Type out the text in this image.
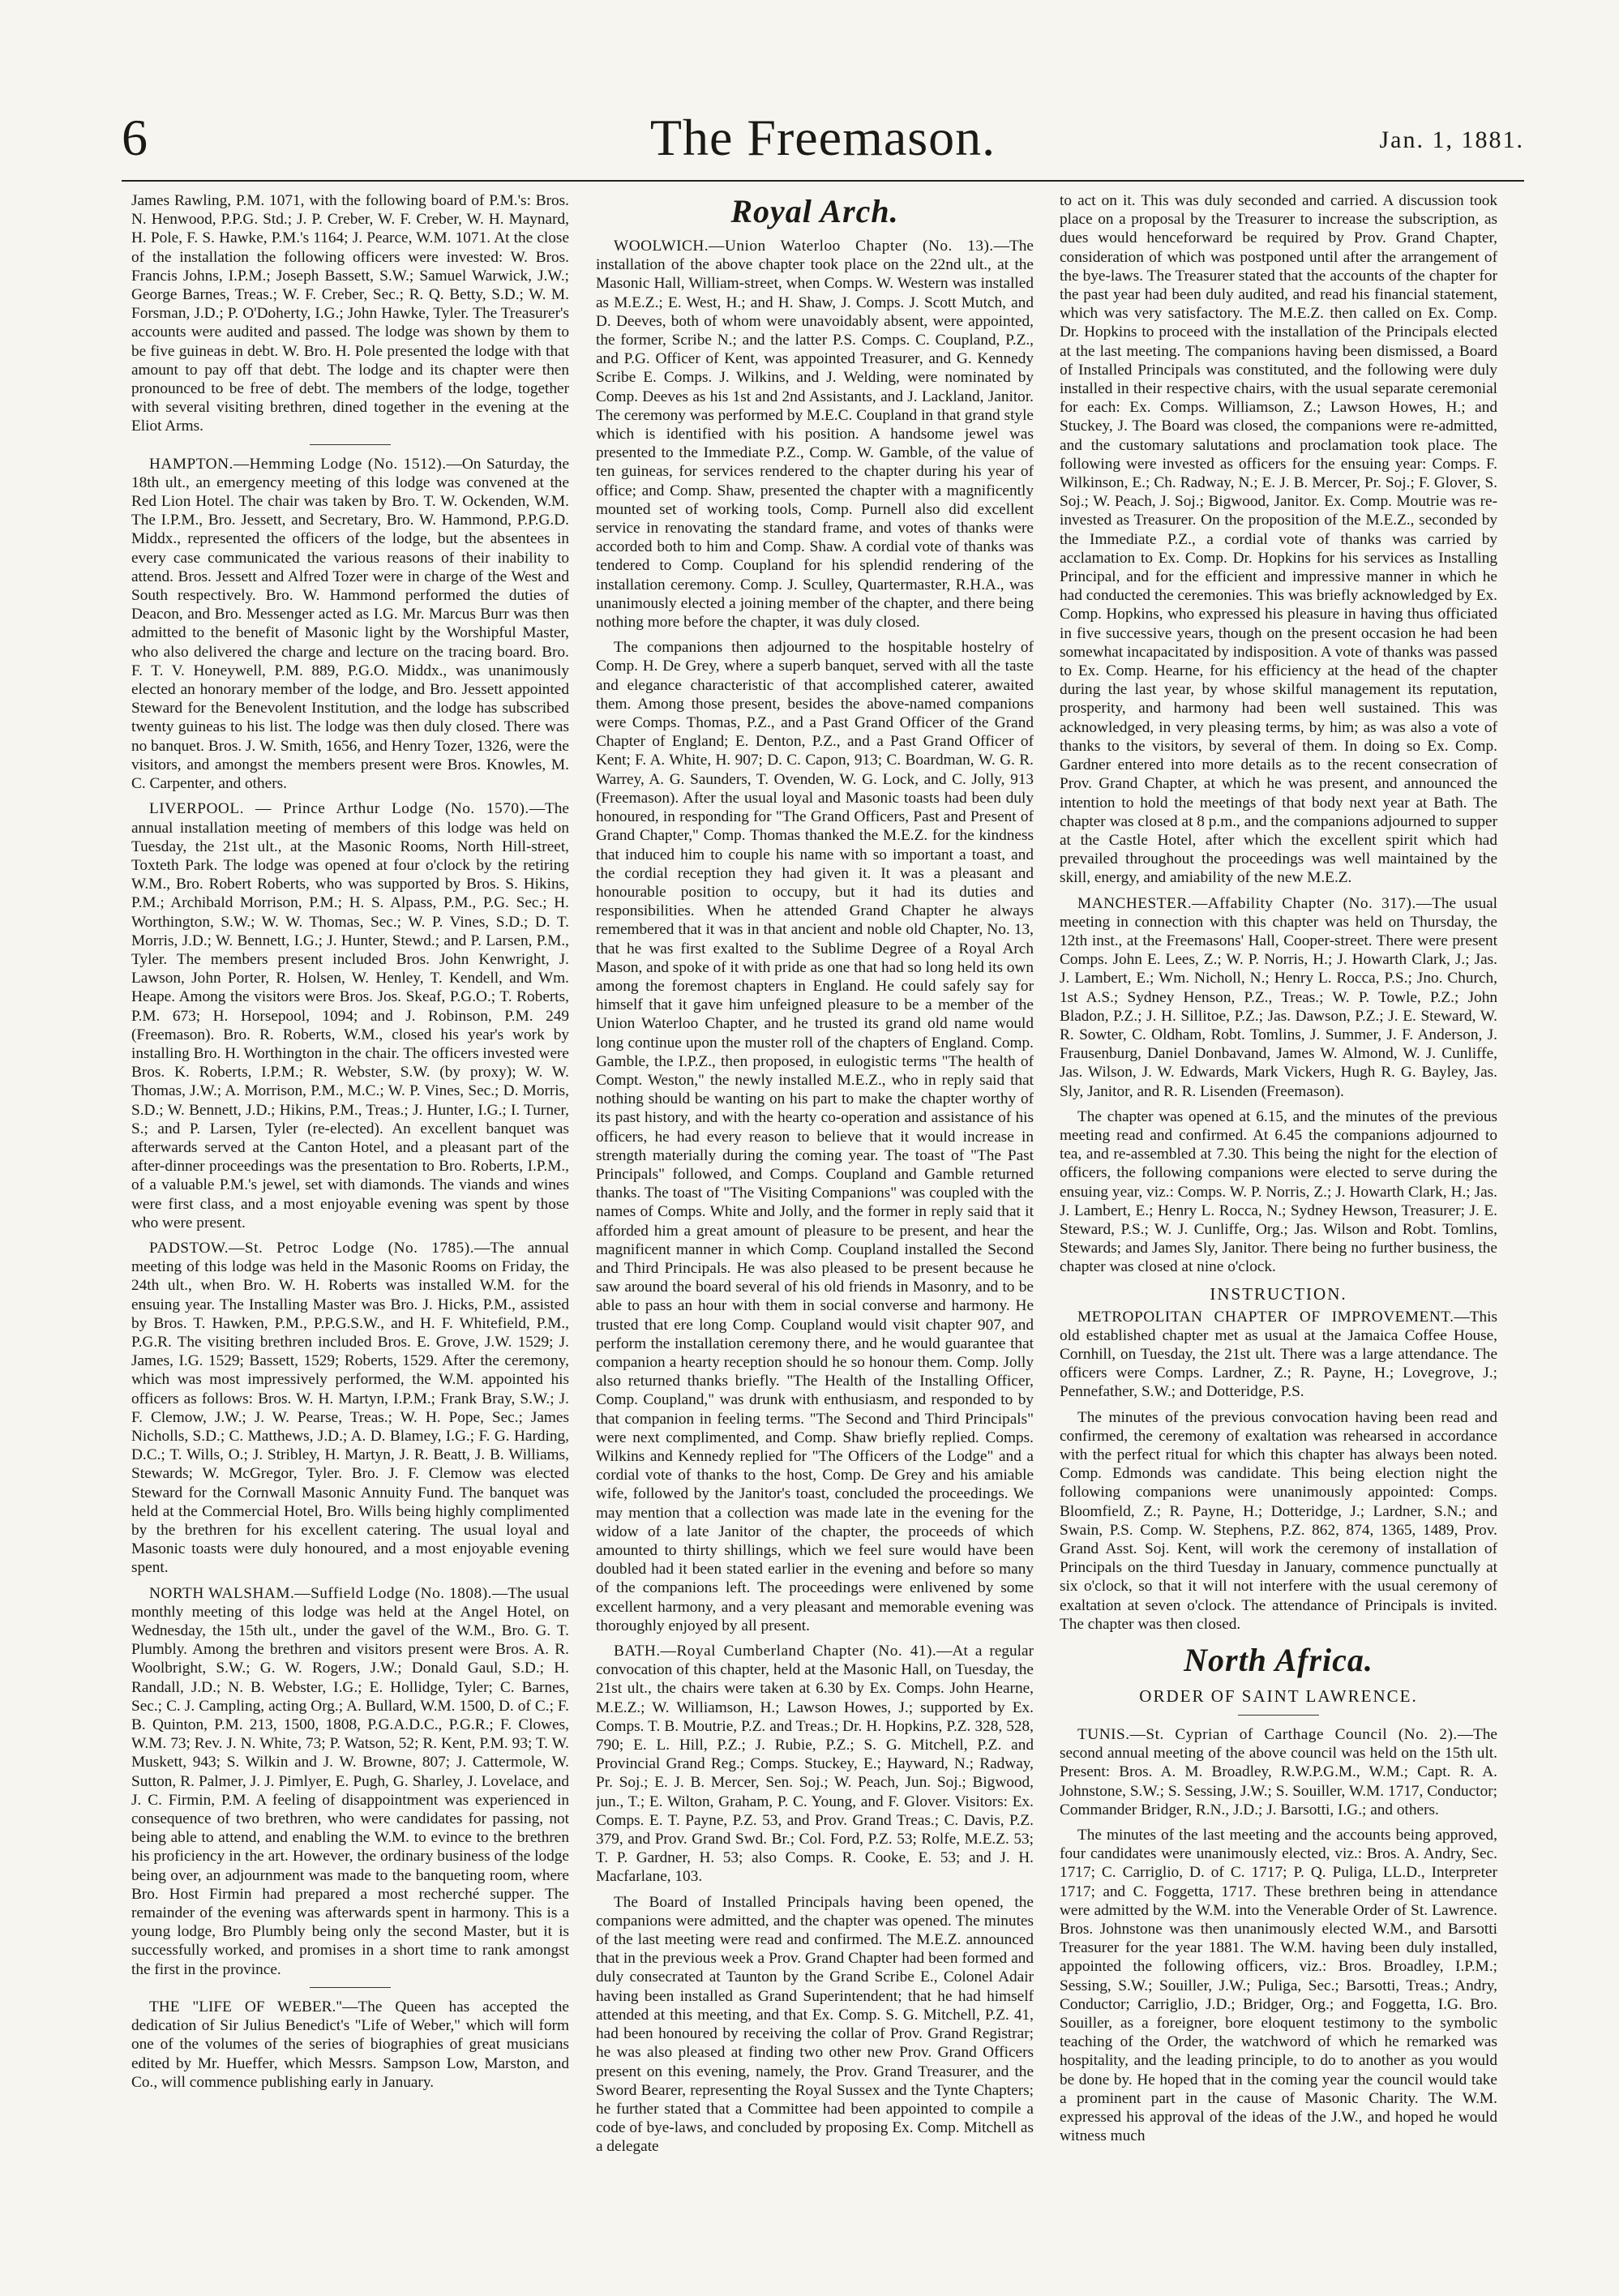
6	The Freemason.	Jan. 1, 1881.

James Rawling, P.M. 1071, with the following board of P.M.'s: Bros. N. Henwood, P.P.G. Std.; J. P. Creber, W. F. Creber, W. H. Maynard, H. Pole, F. S. Hawke, P.M.'s 1164; J. Pearce, W.M. 1071. At the close of the installation the following officers were invested: W. Bros. Francis Johns, I.P.M.; Joseph Bassett, S.W.; Samuel Warwick, J.W.; George Barnes, Treas.; W. F. Creber, Sec.; R. Q. Betty, S.D.; W. M. Forsman, J.D.; P. O'Doherty, I.G.; John Hawke, Tyler. The Treasurer's accounts were audited and passed. The lodge was shown by them to be five guineas in debt. W. Bro. H. Pole presented the lodge with that amount to pay off that debt. The lodge and its chapter were then pronounced to be free of debt. The members of the lodge, together with several visiting brethren, dined together in the evening at the Eliot Arms.

HAMPTON.—Hemming Lodge (No. 1512).—On Saturday, the 18th ult., an emergency meeting of this lodge was convened at the Red Lion Hotel. The chair was taken by Bro. T. W. Ockenden, W.M. The I.P.M., Bro. Jessett, and Secretary, Bro. W. Hammond, P.P.G.D. Middx., represented the officers of the lodge, but the absentees in every case communicated the various reasons of their inability to attend. Bros. Jessett and Alfred Tozer were in charge of the West and South respectively. Bro. W. Hammond performed the duties of Deacon, and Bro. Messenger acted as I.G. Mr. Marcus Burr was then admitted to the benefit of Masonic light by the Worshipful Master, who also delivered the charge and lecture on the tracing board. Bro. F. T. V. Honeywell, P.M. 889, P.G.O. Middx., was unanimously elected an honorary member of the lodge, and Bro. Jessett appointed Steward for the Benevolent Institution, and the lodge has subscribed twenty guineas to his list. The lodge was then duly closed. There was no banquet. Bros. J. W. Smith, 1656, and Henry Tozer, 1326, were the visitors, and amongst the members present were Bros. Knowles, M. C. Carpenter, and others.

LIVERPOOL. — Prince Arthur Lodge (No. 1570).—The annual installation meeting of members of this lodge was held on Tuesday, the 21st ult., at the Masonic Rooms, North Hill-street, Toxteth Park. The lodge was opened at four o'clock by the retiring W.M., Bro. Robert Roberts, who was supported by Bros. S. Hikins, P.M.; Archibald Morrison, P.M.; H. S. Alpass, P.M., P.G. Sec.; H. Worthington, S.W.; W. W. Thomas, Sec.; W. P. Vines, S.D.; D. T. Morris, J.D.; W. Bennett, I.G.; J. Hunter, Stewd.; and P. Larsen, P.M., Tyler. The members present included Bros. John Kenwright, J. Lawson, John Porter, R. Holsen, W. Henley, T. Kendell, and Wm. Heape. Among the visitors were Bros. Jos. Skeaf, P.G.O.; T. Roberts, P.M. 673; H. Horsepool, 1094; and J. Robinson, P.M. 249 (Freemason). Bro. R. Roberts, W.M., closed his year's work by installing Bro. H. Worthington in the chair. The officers invested were Bros. K. Roberts, I.P.M.; R. Webster, S.W. (by proxy); W. W. Thomas, J.W.; A. Morrison, P.M., M.C.; W. P. Vines, Sec.; D. Morris, S.D.; W. Bennett, J.D.; Hikins, P.M., Treas.; J. Hunter, I.G.; I. Turner, S.; and P. Larsen, Tyler (re-elected). An excellent banquet was afterwards served at the Canton Hotel, and a pleasant part of the after-dinner proceedings was the presentation to Bro. Roberts, I.P.M., of a valuable P.M.'s jewel, set with diamonds. The viands and wines were first class, and a most enjoyable evening was spent by those who were present.

PADSTOW.—St. Petroc Lodge (No. 1785).—The annual meeting of this lodge was held in the Masonic Rooms on Friday, the 24th ult., when Bro. W. H. Roberts was installed W.M. for the ensuing year. The Installing Master was Bro. J. Hicks, P.M., assisted by Bros. T. Hawken, P.M., P.P.G.S.W., and H. F. Whitefield, P.M., P.G.R. The visiting brethren included Bros. E. Grove, J.W. 1529; J. James, I.G. 1529; Bassett, 1529; Roberts, 1529. After the ceremony, which was most impressively performed, the W.M. appointed his officers as follows: Bros. W. H. Martyn, I.P.M.; Frank Bray, S.W.; J. F. Clemow, J.W.; J. W. Pearse, Treas.; W. H. Pope, Sec.; James Nicholls, S.D.; C. Matthews, J.D.; A. D. Blamey, I.G.; F. G. Harding, D.C.; T. Wills, O.; J. Stribley, H. Martyn, J. R. Beatt, J. B. Williams, Stewards; W. McGregor, Tyler. Bro. J. F. Clemow was elected Steward for the Cornwall Masonic Annuity Fund. The banquet was held at the Commercial Hotel, Bro. Wills being highly complimented by the brethren for his excellent catering. The usual loyal and Masonic toasts were duly honoured, and a most enjoyable evening spent.

NORTH WALSHAM.—Suffield Lodge (No. 1808).—The usual monthly meeting of this lodge was held at the Angel Hotel, on Wednesday, the 15th ult., under the gavel of the W.M., Bro. G. T. Plumbly. Among the brethren and visitors present were Bros. A. R. Woolbright, S.W.; G. W. Rogers, J.W.; Donald Gaul, S.D.; H. Randall, J.D.; N. B. Webster, I.G.; E. Hollidge, Tyler; C. Barnes, Sec.; C. J. Campling, acting Org.; A. Bullard, W.M. 1500, D. of C.; F. B. Quinton, P.M. 213, 1500, 1808, P.G.A.D.C., P.G.R.; F. Clowes, W.M. 73; Rev. J. N. White, 73; P. Watson, 52; R. Kent, P.M. 93; T. W. Muskett, 943; S. Wilkin and J. W. Browne, 807; J. Cattermole, W. Sutton, R. Palmer, J. J. Pimlyer, E. Pugh, G. Sharley, J. Lovelace, and J. C. Firmin, P.M. A feeling of disappointment was experienced in consequence of two brethren, who were candidates for passing, not being able to attend, and enabling the W.M. to evince to the brethren his proficiency in the art. However, the ordinary business of the lodge being over, an adjournment was made to the banqueting room, where Bro. Host Firmin had prepared a most recherché supper. The remainder of the evening was afterwards spent in harmony. This is a young lodge, Bro Plumbly being only the second Master, but it is successfully worked, and promises in a short time to rank amongst the first in the province.

THE "LIFE OF WEBER."—The Queen has accepted the dedication of Sir Julius Benedict's "Life of Weber," which will form one of the volumes of the series of biographies of great musicians edited by Mr. Hueffer, which Messrs. Sampson Low, Marston, and Co., will commence publishing early in January.

Royal Arch.

WOOLWICH.—Union Waterloo Chapter (No. 13).—The installation of the above chapter took place on the 22nd ult., at the Masonic Hall, William-street, when Comps. W. Western was installed as M.E.Z.; E. West, H.; and H. Shaw, J. Comps. J. Scott Mutch, and D. Deeves, both of whom were unavoidably absent, were appointed, the former, Scribe N.; and the latter P.S. Comps. C. Coupland, P.Z., and P.G. Officer of Kent, was appointed Treasurer, and G. Kennedy Scribe E. Comps. J. Wilkins, and J. Welding, were nominated by Comp. Deeves as his 1st and 2nd Assistants, and J. Lackland, Janitor. The ceremony was performed by M.E.C. Coupland in that grand style which is identified with his position. A handsome jewel was presented to the Immediate P.Z., Comp. W. Gamble, of the value of ten guineas, for services rendered to the chapter during his year of office; and Comp. Shaw, presented the chapter with a magnificently mounted set of working tools, Comp. Purnell also did excellent service in renovating the standard frame, and votes of thanks were accorded both to him and Comp. Shaw. A cordial vote of thanks was tendered to Comp. Coupland for his splendid rendering of the installation ceremony. Comp. J. Sculley, Quartermaster, R.H.A., was unanimously elected a joining member of the chapter, and there being nothing more before the chapter, it was duly closed.

The companions then adjourned to the hospitable hostelry of Comp. H. De Grey, where a superb banquet, served with all the taste and elegance characteristic of that accomplished caterer, awaited them. Among those present, besides the above-named companions were Comps. Thomas, P.Z., and a Past Grand Officer of the Grand Chapter of England; E. Denton, P.Z., and a Past Grand Officer of Kent; F. A. White, H. 907; D. C. Capon, 913; C. Boardman, W. G. R. Warrey, A. G. Saunders, T. Ovenden, W. G. Lock, and C. Jolly, 913 (Freemason). After the usual loyal and Masonic toasts had been duly honoured, in responding for "The Grand Officers, Past and Present of Grand Chapter," Comp. Thomas thanked the M.E.Z. for the kindness that induced him to couple his name with so important a toast, and the cordial reception they had given it. It was a pleasant and honourable position to occupy, but it had its duties and responsibilities. When he attended Grand Chapter he always remembered that it was in that ancient and noble old Chapter, No. 13, that he was first exalted to the Sublime Degree of a Royal Arch Mason, and spoke of it with pride as one that had so long held its own among the foremost chapters in England. He could safely say for himself that it gave him unfeigned pleasure to be a member of the Union Waterloo Chapter, and he trusted its grand old name would long continue upon the muster roll of the chapters of England. Comp. Gamble, the I.P.Z., then proposed, in eulogistic terms "The health of Compt. Weston," the newly installed M.E.Z., who in reply said that nothing should be wanting on his part to make the chapter worthy of its past history, and with the hearty co-operation and assistance of his officers, he had every reason to believe that it would increase in strength materially during the coming year. The toast of "The Past Principals" followed, and Comps. Coupland and Gamble returned thanks. The toast of "The Visiting Companions" was coupled with the names of Comps. White and Jolly, and the former in reply said that it afforded him a great amount of pleasure to be present, and hear the magnificent manner in which Comp. Coupland installed the Second and Third Principals. He was also pleased to be present because he saw around the board several of his old friends in Masonry, and to be able to pass an hour with them in social converse and harmony. He trusted that ere long Comp. Coupland would visit chapter 907, and perform the installation ceremony there, and he would guarantee that companion a hearty reception should he so honour them. Comp. Jolly also returned thanks briefly. "The Health of the Installing Officer, Comp. Coupland," was drunk with enthusiasm, and responded to by that companion in feeling terms. "The Second and Third Principals" were next complimented, and Comp. Shaw briefly replied. Comps. Wilkins and Kennedy replied for "The Officers of the Lodge" and a cordial vote of thanks to the host, Comp. De Grey and his amiable wife, followed by the Janitor's toast, concluded the proceedings. We may mention that a collection was made late in the evening for the widow of a late Janitor of the chapter, the proceeds of which amounted to thirty shillings, which we feel sure would have been doubled had it been stated earlier in the evening and before so many of the companions left. The proceedings were enlivened by some excellent harmony, and a very pleasant and memorable evening was thoroughly enjoyed by all present.

BATH.—Royal Cumberland Chapter (No. 41).—At a regular convocation of this chapter, held at the Masonic Hall, on Tuesday, the 21st ult., the chairs were taken at 6.30 by Ex. Comps. John Hearne, M.E.Z.; W. Williamson, H.; Lawson Howes, J.; supported by Ex. Comps. T. B. Moutrie, P.Z. and Treas.; Dr. H. Hopkins, P.Z. 328, 528, 790; E. L. Hill, P.Z.; J. Rubie, P.Z.; S. G. Mitchell, P.Z. and Provincial Grand Reg.; Comps. Stuckey, E.; Hayward, N.; Radway, Pr. Soj.; E. J. B. Mercer, Sen. Soj.; W. Peach, Jun. Soj.; Bigwood, jun., T.; E. Wilton, Graham, P. C. Young, and F. Glover. Visitors: Ex. Comps. E. T. Payne, P.Z. 53, and Prov. Grand Treas.; C. Davis, P.Z. 379, and Prov. Grand Swd. Br.; Col. Ford, P.Z. 53; Rolfe, M.E.Z. 53; T. P. Gardner, H. 53; also Comps. R. Cooke, E. 53; and J. H. Macfarlane, 103.

The Board of Installed Principals having been opened, the companions were admitted, and the chapter was opened. The minutes of the last meeting were read and confirmed. The M.E.Z. announced that in the previous week a Prov. Grand Chapter had been formed and duly consecrated at Taunton by the Grand Scribe E., Colonel Adair having been installed as Grand Superintendent; that he had himself attended at this meeting, and that Ex. Comp. S. G. Mitchell, P.Z. 41, had been honoured by receiving the collar of Prov. Grand Registrar; he was also pleased at finding two other new Prov. Grand Officers present on this evening, namely, the Prov. Grand Treasurer, and the Sword Bearer, representing the Royal Sussex and the Tynte Chapters; he further stated that a Committee had been appointed to compile a code of bye-laws, and concluded by proposing Ex. Comp. Mitchell as a delegate

to act on it. This was duly seconded and carried. A discussion took place on a proposal by the Treasurer to increase the subscription, as dues would henceforward be required by Prov. Grand Chapter, consideration of which was postponed until after the arrangement of the bye-laws. The Treasurer stated that the accounts of the chapter for the past year had been duly audited, and read his financial statement, which was very satisfactory. The M.E.Z. then called on Ex. Comp. Dr. Hopkins to proceed with the installation of the Principals elected at the last meeting. The companions having been dismissed, a Board of Installed Principals was constituted, and the following were duly installed in their respective chairs, with the usual separate ceremonial for each: Ex. Comps. Williamson, Z.; Lawson Howes, H.; and Stuckey, J. The Board was closed, the companions were re-admitted, and the customary salutations and proclamation took place. The following were invested as officers for the ensuing year: Comps. F. Wilkinson, E.; Ch. Radway, N.; E. J. B. Mercer, Pr. Soj.; F. Glover, S. Soj.; W. Peach, J. Soj.; Bigwood, Janitor. Ex. Comp. Moutrie was re-invested as Treasurer. On the proposition of the M.E.Z., seconded by the Immediate P.Z., a cordial vote of thanks was carried by acclamation to Ex. Comp. Dr. Hopkins for his services as Installing Principal, and for the efficient and impressive manner in which he had conducted the ceremonies. This was briefly acknowledged by Ex. Comp. Hopkins, who expressed his pleasure in having thus officiated in five successive years, though on the present occasion he had been somewhat incapacitated by indisposition. A vote of thanks was passed to Ex. Comp. Hearne, for his efficiency at the head of the chapter during the last year, by whose skilful management its reputation, prosperity, and harmony had been well sustained. This was acknowledged, in very pleasing terms, by him; as was also a vote of thanks to the visitors, by several of them. In doing so Ex. Comp. Gardner entered into more details as to the recent consecration of Prov. Grand Chapter, at which he was present, and announced the intention to hold the meetings of that body next year at Bath. The chapter was closed at 8 p.m., and the companions adjourned to supper at the Castle Hotel, after which the excellent spirit which had prevailed throughout the proceedings was well maintained by the skill, energy, and amiability of the new M.E.Z.

MANCHESTER.—Affability Chapter (No. 317).—The usual meeting in connection with this chapter was held on Thursday, the 12th inst., at the Freemasons' Hall, Cooper-street. There were present Comps. John E. Lees, Z.; W. P. Norris, H.; J. Howarth Clark, J.; Jas. J. Lambert, E.; Wm. Nicholl, N.; Henry L. Rocca, P.S.; Jno. Church, 1st A.S.; Sydney Henson, P.Z., Treas.; W. P. Towle, P.Z.; John Bladon, P.Z.; J. H. Sillitoe, P.Z.; Jas. Dawson, P.Z.; J. E. Steward, W. R. Sowter, C. Oldham, Robt. Tomlins, J. Summer, J. F. Anderson, J. Frausenburg, Daniel Donbavand, James W. Almond, W. J. Cunliffe, Jas. Wilson, J. W. Edwards, Mark Vickers, Hugh R. G. Bayley, Jas. Sly, Janitor, and R. R. Lisenden (Freemason).

The chapter was opened at 6.15, and the minutes of the previous meeting read and confirmed. At 6.45 the companions adjourned to tea, and re-assembled at 7.30. This being the night for the election of officers, the following companions were elected to serve during the ensuing year, viz.: Comps. W. P. Norris, Z.; J. Howarth Clark, H.; Jas. J. Lambert, E.; Henry L. Rocca, N.; Sydney Hewson, Treasurer; J. E. Steward, P.S.; W. J. Cunliffe, Org.; Jas. Wilson and Robt. Tomlins, Stewards; and James Sly, Janitor. There being no further business, the chapter was closed at nine o'clock.

INSTRUCTION.

METROPOLITAN CHAPTER OF IMPROVEMENT.—This old established chapter met as usual at the Jamaica Coffee House, Cornhill, on Tuesday, the 21st ult. There was a large attendance. The officers were Comps. Lardner, Z.; R. Payne, H.; Lovegrove, J.; Pennefather, S.W.; and Dotteridge, P.S.

The minutes of the previous convocation having been read and confirmed, the ceremony of exaltation was rehearsed in accordance with the perfect ritual for which this chapter has always been noted. Comp. Edmonds was candidate. This being election night the following companions were unanimously appointed: Comps. Bloomfield, Z.; R. Payne, H.; Dotteridge, J.; Lardner, S.N.; and Swain, P.S. Comp. W. Stephens, P.Z. 862, 874, 1365, 1489, Prov. Grand Asst. Soj. Kent, will work the ceremony of installation of Principals on the third Tuesday in January, commence punctually at six o'clock, so that it will not interfere with the usual ceremony of exaltation at seven o'clock. The attendance of Principals is invited. The chapter was then closed.

North Africa.
ORDER OF SAINT LAWRENCE.

TUNIS.—St. Cyprian of Carthage Council (No. 2).—The second annual meeting of the above council was held on the 15th ult. Present: Bros. A. M. Broadley, R.W.P.G.M., W.M.; Capt. R. A. Johnstone, S.W.; S. Sessing, J.W.; S. Souiller, W.M. 1717, Conductor; Commander Bridger, R.N., J.D.; J. Barsotti, I.G.; and others.

The minutes of the last meeting and the accounts being approved, four candidates were unanimously elected, viz.: Bros. A. Andry, Sec. 1717; C. Carriglio, D. of C. 1717; P. Q. Puliga, LL.D., Interpreter 1717; and C. Foggetta, 1717. These brethren being in attendance were admitted by the W.M. into the Venerable Order of St. Lawrence. Bros. Johnstone was then unanimously elected W.M., and Barsotti Treasurer for the year 1881. The W.M. having been duly installed, appointed the following officers, viz.: Bros. Broadley, I.P.M.; Sessing, S.W.; Souiller, J.W.; Puliga, Sec.; Barsotti, Treas.; Andry, Conductor; Carriglio, J.D.; Bridger, Org.; and Foggetta, I.G. Bro. Souiller, as a foreigner, bore eloquent testimony to the symbolic teaching of the Order, the watchword of which he remarked was hospitality, and the leading principle, to do to another as you would be done by. He hoped that in the coming year the council would take a prominent part in the cause of Masonic Charity. The W.M. expressed his approval of the ideas of the J.W., and hoped he would witness much
